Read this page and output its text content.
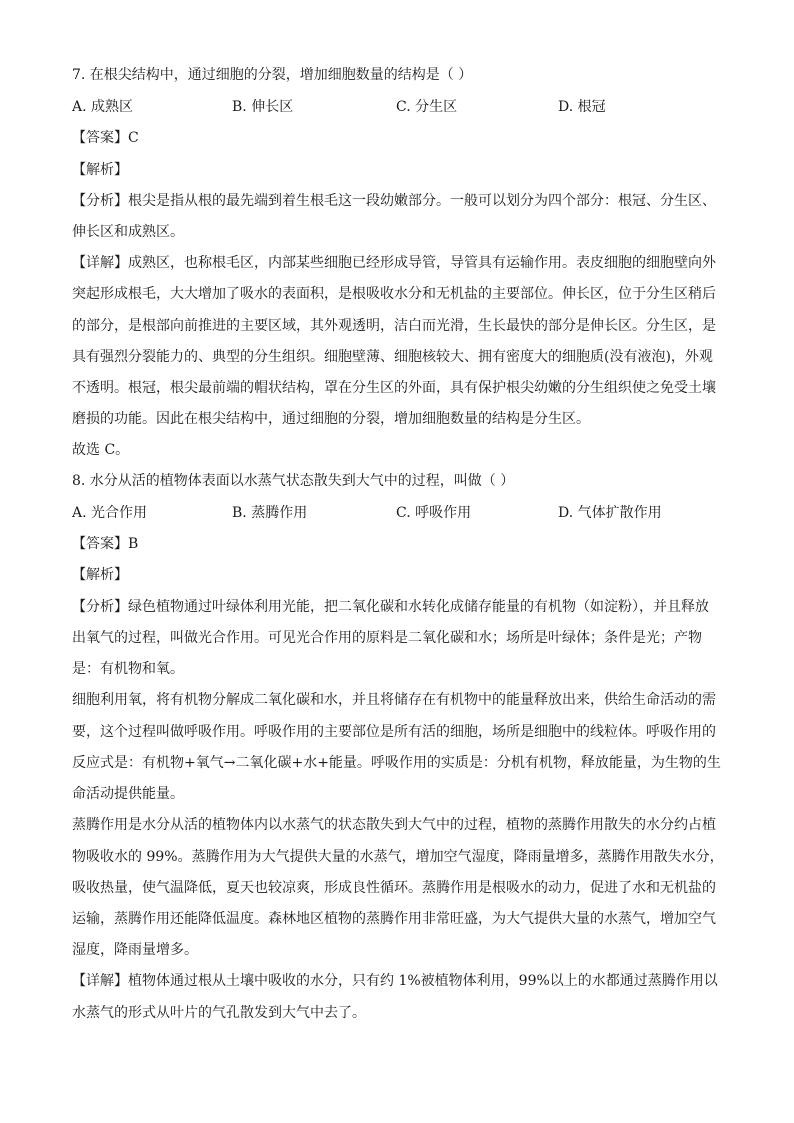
7. 在根尖结构中，通过细胞的分裂，增加细胞数量的结构是（ ）
A. 成熟区	B. 伸长区	C. 分生区	D. 根冠
【答案】C
【解析】
【分析】根尖是指从根的最先端到着生根毛这一段幼嫩部分。一般可以划分为四个部分：根冠、分生区、
伸长区和成熟区。
【详解】成熟区，也称根毛区，内部某些细胞已经形成导管，导管具有运输作用。表皮细胞的细胞壁向外
突起形成根毛，大大增加了吸水的表面积，是根吸收水分和无机盐的主要部位。伸长区，位于分生区稍后
的部分，是根部向前推进的主要区域，其外观透明，洁白而光滑，生长最快的部分是伸长区。分生区，是
具有强烈分裂能力的、典型的分生组织。细胞壁薄、细胞核较大、拥有密度大的细胞质(没有液泡)，外观
不透明。根冠，根尖最前端的帽状结构，罩在分生区的外面，具有保护根尖幼嫩的分生组织使之免受土壤
磨损的功能。因此在根尖结构中，通过细胞的分裂，增加细胞数量的结构是分生区。
故选 C。
8. 水分从活的植物体表面以水蒸气状态散失到大气中的过程，叫做（ ）
A. 光合作用	B. 蒸腾作用	C. 呼吸作用	D. 气体扩散作用
【答案】B
【解析】
【分析】绿色植物通过叶绿体利用光能，把二氧化碳和水转化成储存能量的有机物（如淀粉），并且释放
出氧气的过程，叫做光合作用。可见光合作用的原料是二氧化碳和水；场所是叶绿体；条件是光；产物
是：有机物和氧。
细胞利用氧，将有机物分解成二氧化碳和水，并且将储存在有机物中的能量释放出来，供给生命活动的需
要，这个过程叫做呼吸作用。呼吸作用的主要部位是所有活的细胞，场所是细胞中的线粒体。呼吸作用的
反应式是：有机物+氧气→二氧化碳+水+能量。呼吸作用的实质是：分机有机物，释放能量，为生物的生
命活动提供能量。
蒸腾作用是水分从活的植物体内以水蒸气的状态散失到大气中的过程，植物的蒸腾作用散失的水分约占植
物吸收水的 99%。蒸腾作用为大气提供大量的水蒸气，增加空气湿度，降雨量增多，蒸腾作用散失水分，
吸收热量，使气温降低，夏天也较凉爽，形成良性循环。蒸腾作用是根吸水的动力，促进了水和无机盐的
运输，蒸腾作用还能降低温度。森林地区植物的蒸腾作用非常旺盛，为大气提供大量的水蒸气，增加空气
湿度，降雨量增多。
【详解】植物体通过根从土壤中吸收的水分，只有约 1%被植物体利用，99%以上的水都通过蒸腾作用以
水蒸气的形式从叶片的气孔散发到大气中去了。
